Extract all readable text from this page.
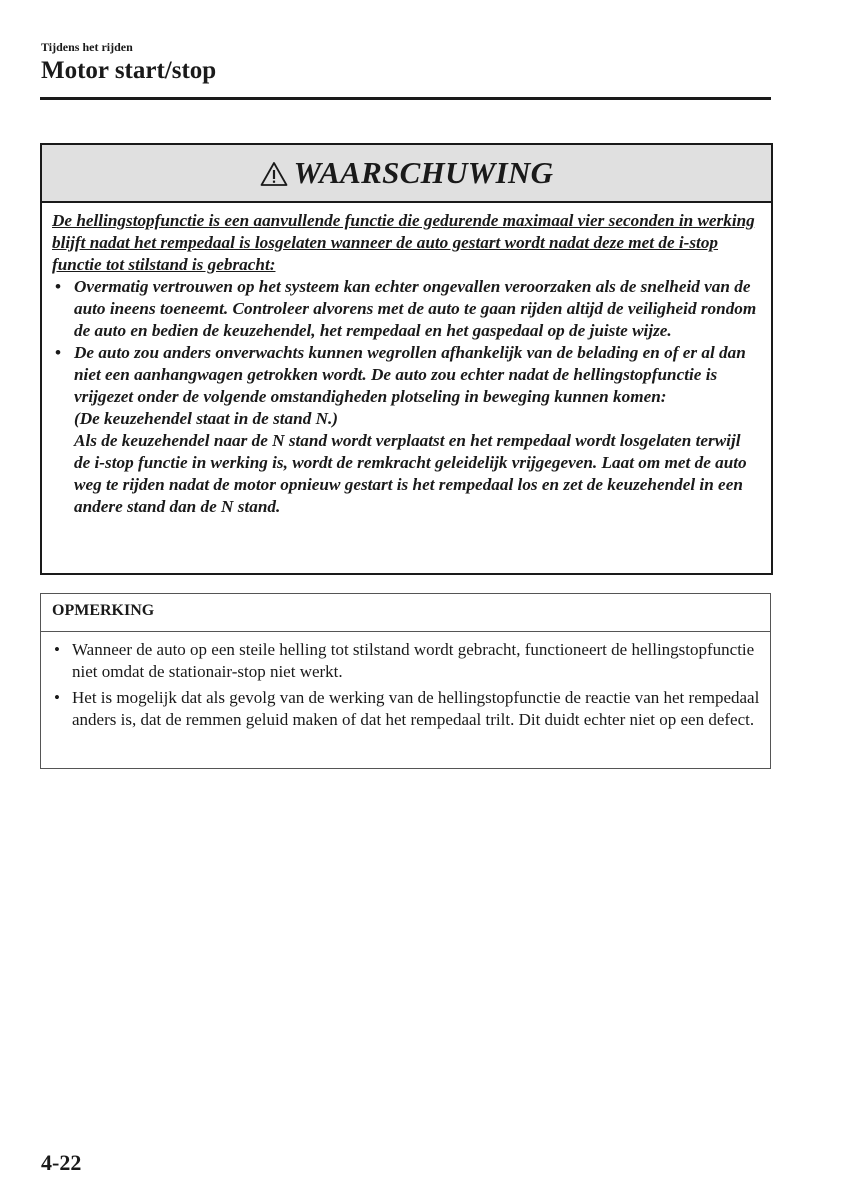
Tijdens het rijden
Motor start/stop
WAARSCHUWING

De hellingstopfunctie is een aanvullende functie die gedurende maximaal vier seconden in werking blijft nadat het rempedaal is losgelaten wanneer de auto gestart wordt nadat deze met de i-stop functie tot stilstand is gebracht:

• Overmatig vertrouwen op het systeem kan echter ongevallen veroorzaken als de snelheid van de auto ineens toeneemt. Controleer alvorens met de auto te gaan rijden altijd de veiligheid rondom de auto en bedien de keuzehendel, het rempedaal en het gaspedaal op de juiste wijze.
• De auto zou anders onverwachts kunnen wegrollen afhankelijk van de belading en of er al dan niet een aanhangwagen getrokken wordt. De auto zou echter nadat de hellingstopfunctie is vrijgezet onder de volgende omstandigheden plotseling in beweging kunnen komen:
(De keuzehendel staat in de stand N.)
Als de keuzehendel naar de N stand wordt verplaatst en het rempedaal wordt losgelaten terwijl de i-stop functie in werking is, wordt de remkracht geleidelijk vrijgegeven. Laat om met de auto weg te rijden nadat de motor opnieuw gestart is het rempedaal los en zet de keuzehendel in een andere stand dan de N stand.
OPMERKING
• Wanneer de auto op een steile helling tot stilstand wordt gebracht, functioneert de hellingstopfunctie niet omdat de stationair-stop niet werkt.
• Het is mogelijk dat als gevolg van de werking van de hellingstopfunctie de reactie van het rempedaal anders is, dat de remmen geluid maken of dat het rempedaal trilt. Dit duidt echter niet op een defect.
4-22
